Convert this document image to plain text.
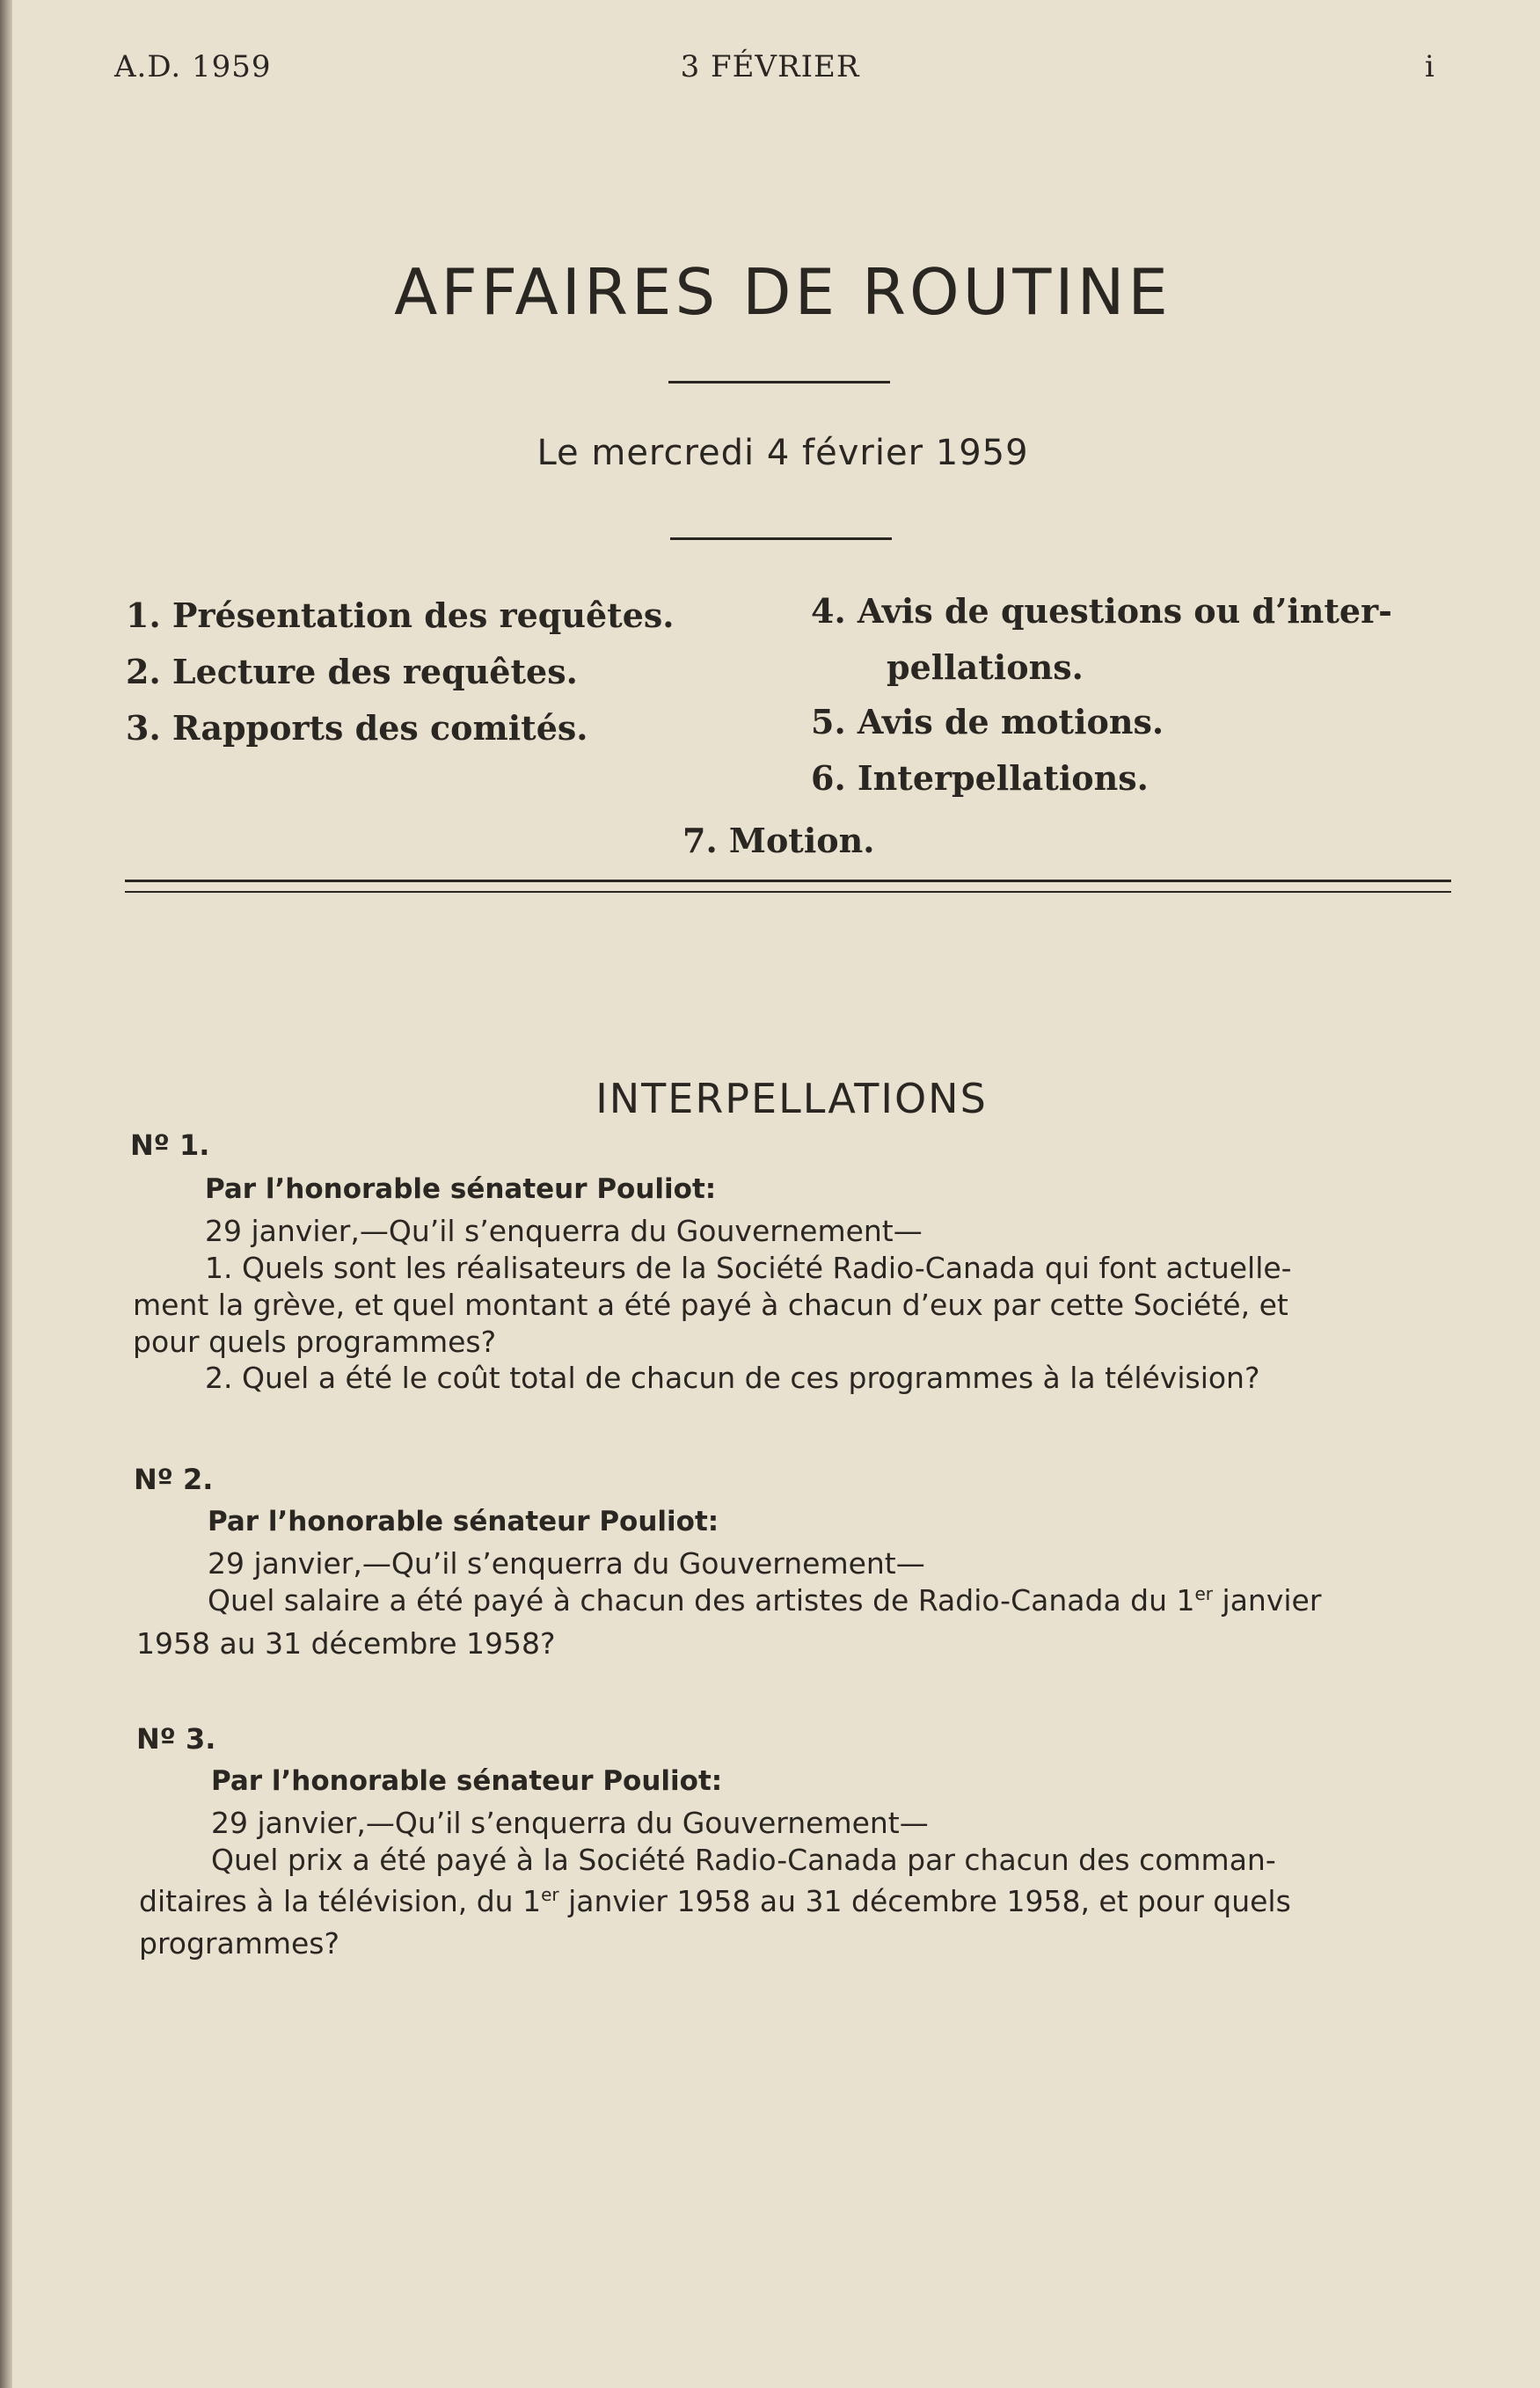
A.D. 1959	3 FÉVRIER	i
AFFAIRES DE ROUTINE
Le mercredi 4 février 1959
1. Présentation des requêtes.
2. Lecture des requêtes.
3. Rapports des comités.
4. Avis de questions ou d’inter-
pellations.
5. Avis de motions.
6. Interpellations.
7. Motion.
INTERPELLATIONS
Nº 1.
Par l’honorable sénateur Pouliot:
29 janvier,—Qu’il s’enquerra du Gouvernement—
1. Quels sont les réalisateurs de la Société Radio-Canada qui font actuelle-
ment la grève, et quel montant a été payé à chacun d’eux par cette Société, et
pour quels programmes?
2. Quel a été le coût total de chacun de ces programmes à la télévision?
Nº 2.
Par l’honorable sénateur Pouliot:
29 janvier,—Qu’il s’enquerra du Gouvernement—
Quel salaire a été payé à chacun des artistes de Radio-Canada du 1er janvier
1958 au 31 décembre 1958?
Nº 3.
Par l’honorable sénateur Pouliot:
29 janvier,—Qu’il s’enquerra du Gouvernement—
Quel prix a été payé à la Société Radio-Canada par chacun des comman-
ditaires à la télévision, du 1er janvier 1958 au 31 décembre 1958, et pour quels
programmes?
